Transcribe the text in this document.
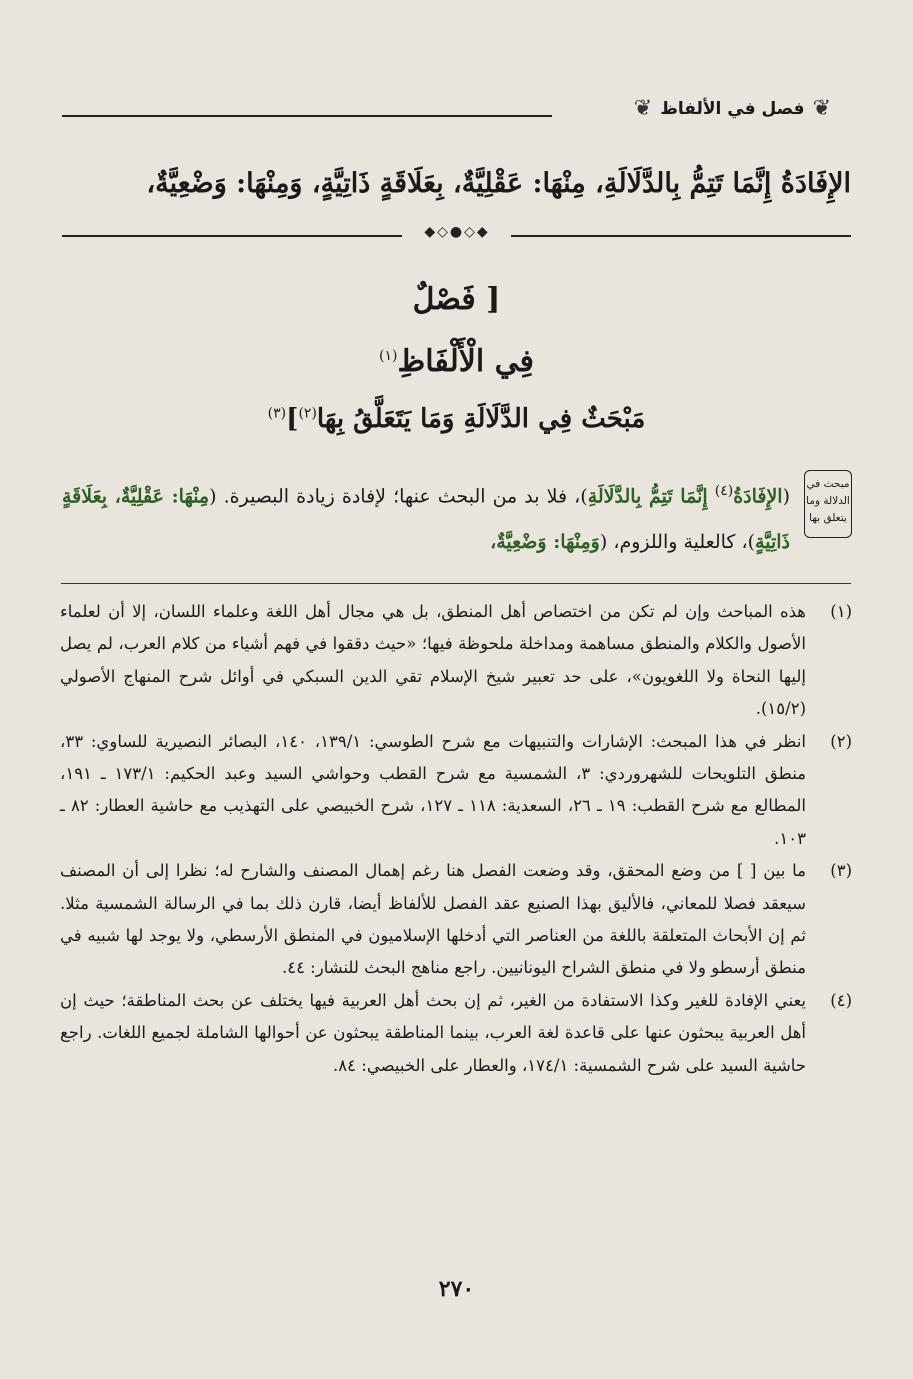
❦
فصل في الألفاظ
❦
الإِفَادَةُ إِنَّمَا تَتِمُّ بِالدَّلَالَةِ، مِنْهَا: عَقْلِيَّةٌ، بِعَلَاقَةٍ ذَاتِيَّةٍ، وَمِنْهَا: وَضْعِيَّةٌ،
◆◇●◇◆
[ فَصْلٌ
فِي الْأَلْفَاظِ$^{(١)}$
مَبْحَثٌ فِي الدَّلَالَةِ وَمَا يَتَعَلَّقُ بِهَا$^{(٢)}$]$^{(٣)}$
مبحث في
الدلالة وما
يتعلق بها
(الإِفَادَةُ$^{(٤)}$ إِنَّمَا تَتِمُّ بِالدَّلَالَةِ)، فلا بد من البحث عنها؛ لإفادة زيادة البصيرة. (مِنْهَا: عَقْلِيَّةٌ، بِعَلَاقَةٍ ذَاتِيَّةٍ)، كالعلية واللزوم، (وَمِنْهَا: وَضْعِيَّةٌ،
(١)
هذه المباحث وإن لم تكن من اختصاص أهل المنطق، بل هي مجال أهل اللغة وعلماء اللسان، إلا أن لعلماء الأصول والكلام والمنطق مساهمة ومداخلة ملحوظة فيها؛ «حيث دققوا في فهم أشياء من كلام العرب، لم يصل إليها النحاة ولا اللغويون»، على حد تعبير شيخ الإسلام تقي الدين السبكي في أوائل شرح المنهاج الأصولي (١٥/٢).
(٢)
انظر في هذا المبحث: الإشارات والتنبيهات مع شرح الطوسي: ١٣٩/١، ١٤٠، البصائر النصيرية للساوي: ٣٣، منطق التلويحات للشهروردي: ٣، الشمسية مع شرح القطب وحواشي السيد وعبد الحكيم: ١٧٣/١ ـ ١٩١، المطالع مع شرح القطب: ١٩ ـ ٢٦، السعدية: ١١٨ ـ ١٢٧، شرح الخبيصي على التهذيب مع حاشية العطار: ٨٢ ـ ١٠٣.
(٣)
ما بين [ ] من وضع المحقق، وقد وضعت الفصل هنا رغم إهمال المصنف والشارح له؛ نظرا إلى أن المصنف سيعقد فصلا للمعاني، فالأليق بهذا الصنيع عقد الفصل للألفاظ أيضا، قارن ذلك بما في الرسالة الشمسية مثلا. ثم إن الأبحاث المتعلقة باللغة من العناصر التي أدخلها الإسلاميون في المنطق الأرسطي، ولا يوجد لها شبيه في منطق أرسطو ولا في منطق الشراح اليونانيين. راجع مناهج البحث للنشار: ٤٤.
(٤)
يعني الإفادة للغير وكذا الاستفادة من الغير، ثم إن بحث أهل العربية فيها يختلف عن بحث المناطقة؛ حيث إن أهل العربية يبحثون عنها على قاعدة لغة العرب، بينما المناطقة يبحثون عن أحوالها الشاملة لجميع اللغات. راجع حاشية السيد على شرح الشمسية: ١٧٤/١، والعطار على الخبيصي: ٨٤.
٢٧٠
